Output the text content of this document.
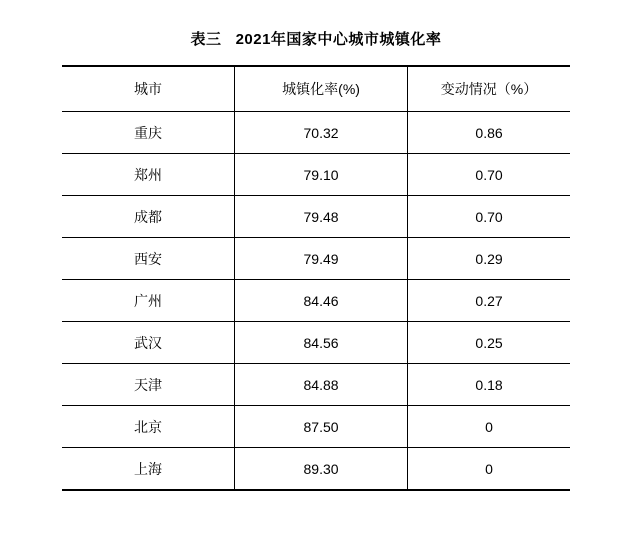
表三 2021年国家中心城市城镇化率
城市	城镇化率(%)	变动情况（%）
重庆	70.32	0.86
郑州	79.10	0.70
成都	79.48	0.70
西安	79.49	0.29
广州	84.46	0.27
武汉	84.56	0.25
天津	84.88	0.18
北京	87.50	0
上海	89.30	0
